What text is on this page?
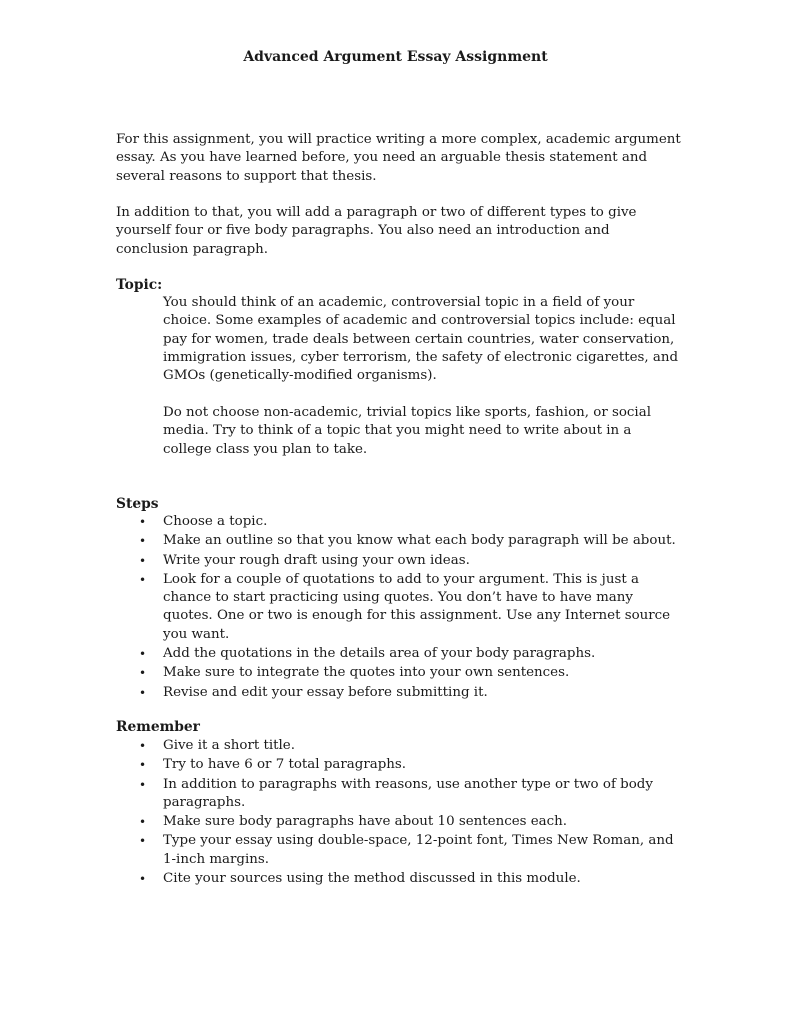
Advanced Argument Essay Assignment

For this assignment, you will practice writing a more complex, academic argument essay. As you have learned before, you need an arguable thesis statement and several reasons to support that thesis.

In addition to that, you will add a paragraph or two of different types to give yourself four or five body paragraphs. You also need an introduction and conclusion paragraph.

Topic:

You should think of an academic, controversial topic in a field of your choice. Some examples of academic and controversial topics include: equal pay for women, trade deals between certain countries, water conservation, immigration issues, cyber terrorism, the safety of electronic cigarettes, and GMOs (genetically-modified organisms).

Do not choose non-academic, trivial topics like sports, fashion, or social media. Try to think of a topic that you might need to write about in a college class you plan to take.

Steps

• Choose a topic.
• Make an outline so that you know what each body paragraph will be about.
• Write your rough draft using your own ideas.
• Look for a couple of quotations to add to your argument. This is just a chance to start practicing using quotes. You don’t have to have many quotes. One or two is enough for this assignment. Use any Internet source you want.
• Add the quotations in the details area of your body paragraphs.
• Make sure to integrate the quotes into your own sentences.
• Revise and edit your essay before submitting it.

Remember

• Give it a short title.
• Try to have 6 or 7 total paragraphs.
• In addition to paragraphs with reasons, use another type or two of body paragraphs.
• Make sure body paragraphs have about 10 sentences each.
• Type your essay using double-space, 12-point font, Times New Roman, and 1-inch margins.
• Cite your sources using the method discussed in this module.
